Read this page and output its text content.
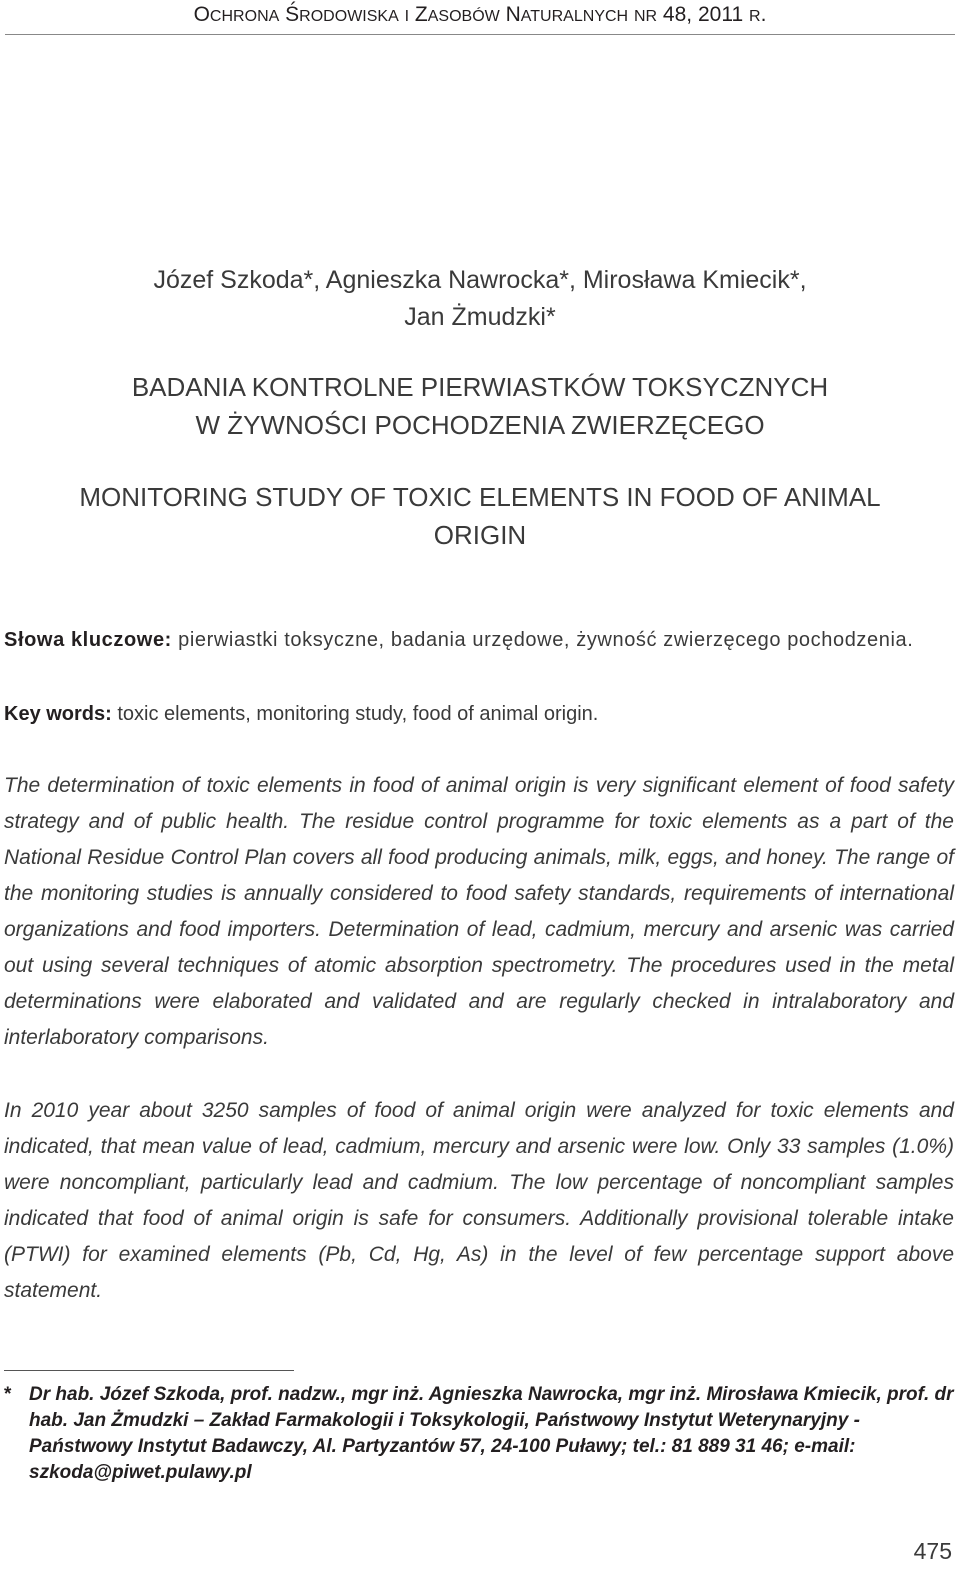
OCHRONA ŚRODOWISKA I ZASOBÓW NATURALNYCH NR 48, 2011 R.
Józef Szkoda*, Agnieszka Nawrocka*, Mirosława Kmiecik*,
Jan Żmudzki*
BADANIA KONTROLNE PIERWIASTKÓW TOKSYCZNYCH
W ŻYWNOŚCI POCHODZENIA ZWIERZĘCEGO
MONITORING STUDY OF TOXIC ELEMENTS IN FOOD OF ANIMAL
ORIGIN
Słowa kluczowe: pierwiastki toksyczne, badania urzędowe, żywność zwierzęcego pochodzenia.
Key words: toxic elements, monitoring study, food of animal origin.
The determination of toxic elements in food of animal origin is very significant element of food safety strategy and of public health. The residue control programme for toxic elements as a part of the National Residue Control Plan covers all food producing animals, milk, eggs, and honey. The range of the monitoring studies is annually considered to food safety standards, requirements of international organizations and food importers. Determination of lead, cadmium, mercury and arsenic was carried out using several techniques of atomic absorption spectrometry. The procedures used in the metal determinations were elaborated and validated and are regularly checked in intralaboratory and interlaboratory comparisons.
In 2010 year about 3250 samples of food of animal origin were analyzed for toxic elements and indicated, that mean value of lead, cadmium, mercury and arsenic were low. Only 33 samples (1.0%) were noncompliant, particularly lead and cadmium. The low percentage of noncompliant samples indicated that food of animal origin is safe for consumers. Additionally provisional tolerable intake (PTWI) for examined elements (Pb, Cd, Hg, As) in the level of few percentage support above statement.
* Dr hab. Józef Szkoda, prof. nadzw., mgr inż. Agnieszka Nawrocka, mgr inż. Mirosława Kmiecik, prof. dr hab. Jan Żmudzki – Zakład Farmakologii i Toksykologii, Państwowy Instytut Weterynaryjny - Państwowy Instytut Badawczy, Al. Partyzantów 57, 24-100 Puławy; tel.: 81 889 31 46; e-mail: szkoda@piwet.pulawy.pl
475
